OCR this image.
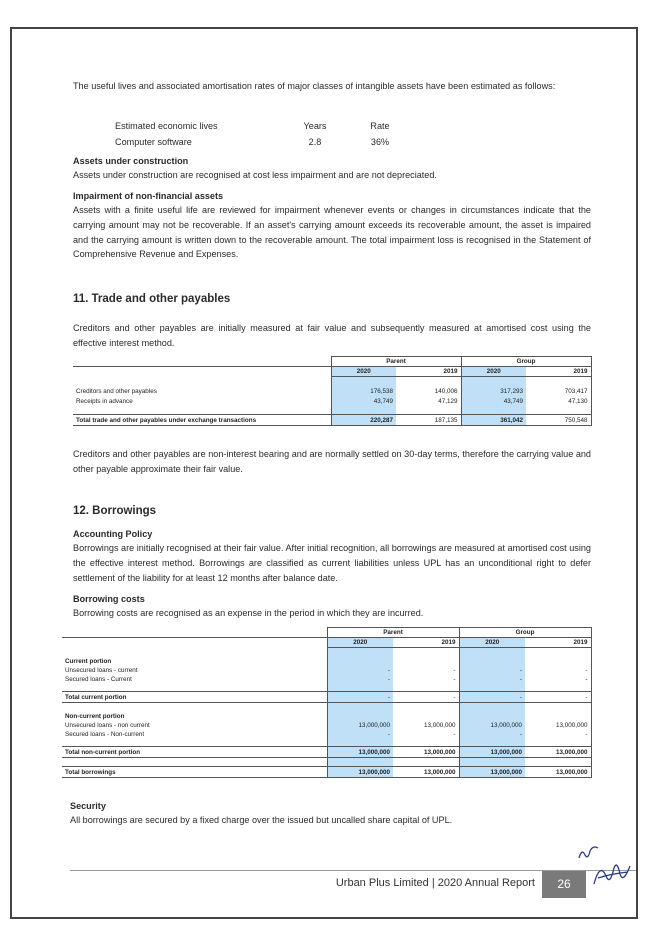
The useful lives and associated amortisation rates of major classes of intangible assets have been estimated as follows:

Estimated economic lives	Years	Rate
Computer software	2.8	36%
Assets under construction

Assets under construction are recognised at cost less impairment and are not depreciated.

Impairment of non-financial assets

Assets with a finite useful life are reviewed for impairment whenever events or changes in circumstances indicate that the carrying amount may not be recoverable. If an asset's carrying amount exceeds its recoverable amount, the asset is impaired and the carrying amount is written down to the recoverable amount. The total impairment loss is recognised in the Statement of Comprehensive Revenue and Expenses.

11. Trade and other payables

Creditors and other payables are initially measured at fair value and subsequently measured at amortised cost using the effective interest method.

	Parent		Group	
	2020	2019	2020	2019

Creditors and other payables	176,538	140,006	317,293	703,417
Receipts in advance	43,749	47,129	43,749	47,130

Total trade and other payables under exchange transactions	220,287	187,135	361,042	750,548

Creditors and other payables are non-interest bearing and are normally settled on 30-day terms, therefore the carrying value and other payable approximate their fair value.

12. Borrowings
Accounting Policy

Borrowings are initially recognised at their fair value. After initial recognition, all borrowings are measured at amortised cost using the effective interest method. Borrowings are classified as current liabilities unless UPL has an unconditional right to defer settlement of the liability for at least 12 months after balance date.

Borrowing costs

Borrowing costs are recognised as an expense in the period in which they are incurred.

	Parent		Group	
	2020	2019	2020	2019

Current portion				
Unsecured loans - current	-	-	-	-
Secured loans - Current	-	-	-	-

Total current portion	-	-	-	-

Non-current portion				
Unsecured loans - non current	13,000,000	13,000,000	13,000,000	13,000,000
Secured loans - Non-current	-	-	-	-

Total non-current portion	13,000,000	13,000,000	13,000,000	13,000,000

Total borrowings	13,000,000	13,000,000	13,000,000	13,000,000
Security

All borrowings are secured by a fixed charge over the issued but uncalled share capital of UPL.

Urban Plus Limited | 2020 Annual Report	26
